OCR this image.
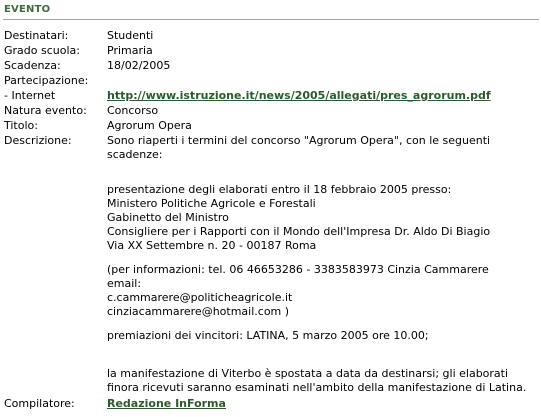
EVENTO
Destinatari:	Studenti
Grado scuola: Primaria
Scadenza:	18/02/2005
Partecipazione:
- Internet	http://www.istruzione.it/news/2005/allegati/pres_agrorum.pdf
Natura evento: Concorso
Titolo:	Agrorum Opera
Descrizione:	Sono riaperti i termini del concorso "Agrorum Opera", con le seguenti
scadenze:
presentazione degli elaborati entro il 18 febbraio 2005 presso:
Ministero Politiche Agricole e Forestali
Gabinetto del Ministro
Consigliere per i Rapporti con il Mondo dell'Impresa Dr. Aldo Di Biagio
Via XX Settembre n. 20 - 00187 Roma
(per informazioni: tel. 06 46653286 - 3383583973 Cinzia Cammarere
email:
c.cammarere@politicheagricole.it
cinziacammarere@hotmail.com )
premiazioni dei vincitori: LATINA, 5 marzo 2005 ore 10.00;
la manifestazione di Viterbo è spostata a data da destinarsi; gli elaborati
finora ricevuti saranno esaminati nell'ambito della manifestazione di Latina.
Compilatore:	Redazione InForma
